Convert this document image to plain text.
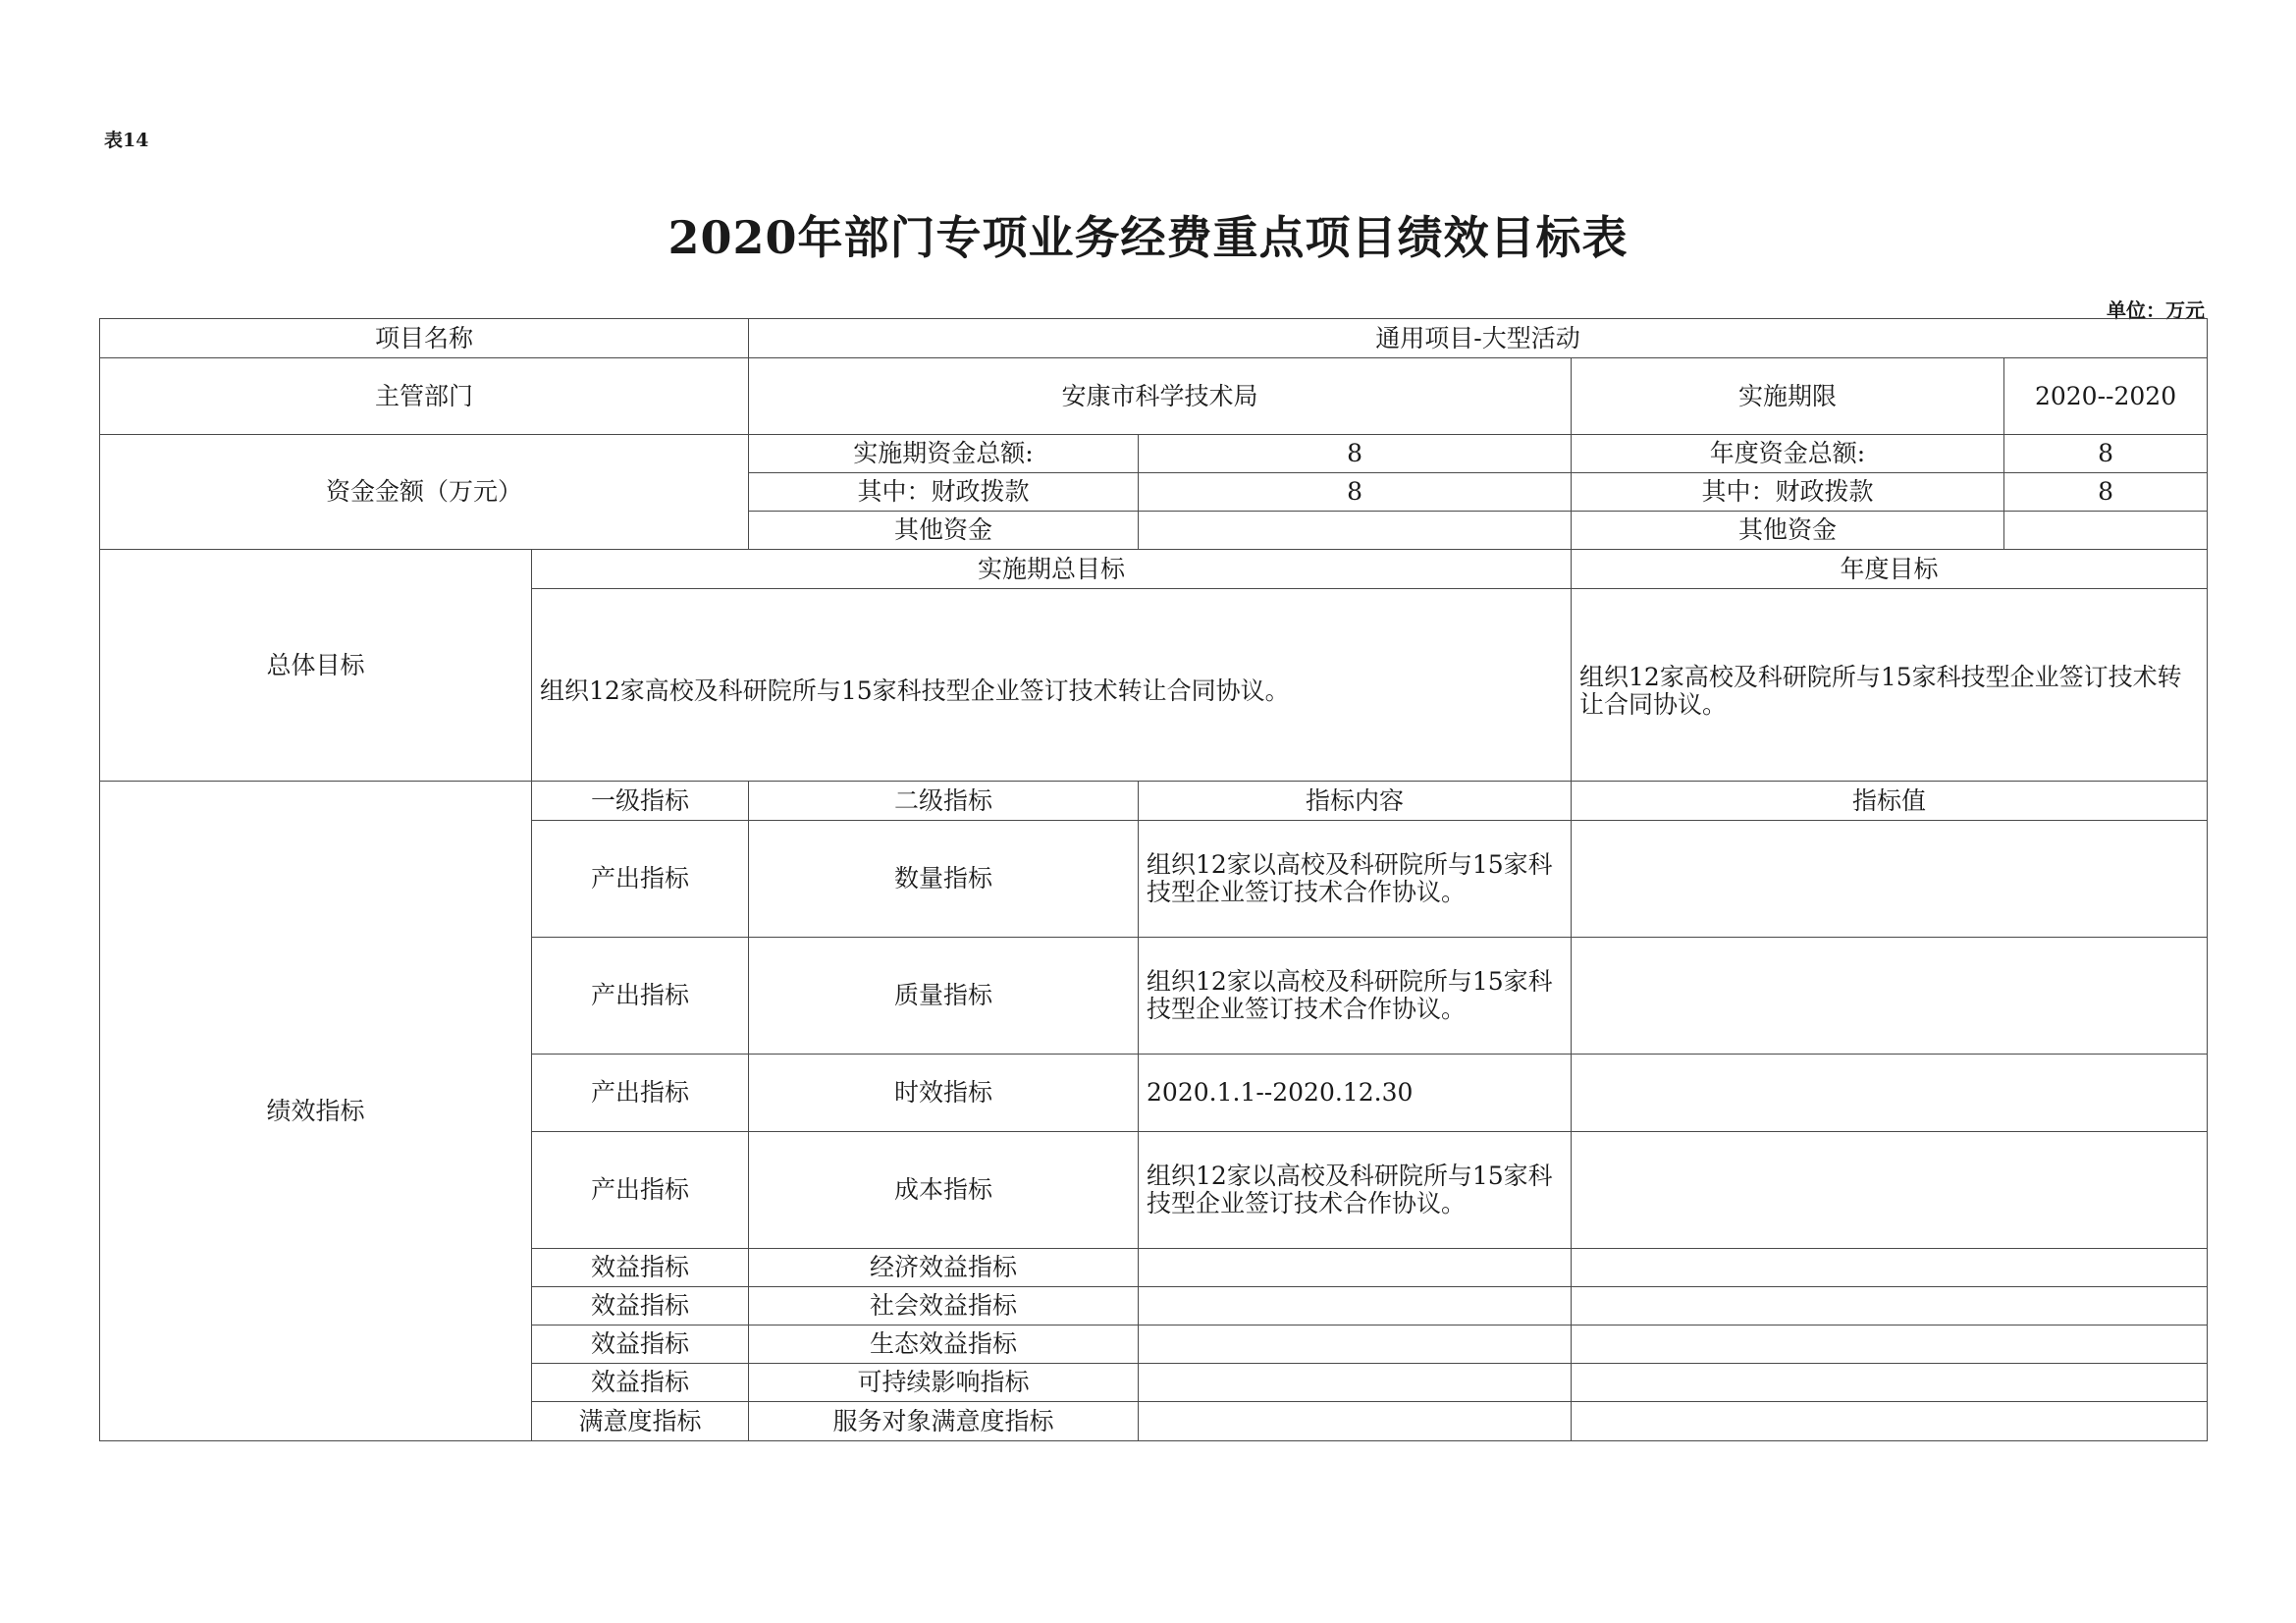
表14
2020年部门专项业务经费重点项目绩效目标表
单位：万元
项目名称		通用项目-大型活动			
主管部门		安康市科学技术局		实施期限	2020--2020
资金金额（万元）		实施期资金总额:	8	年度资金总额:	8
		其中：财政拨款	8	其中：财政拨款	8
		其他资金		其他资金	
总体目标	实施期总目标			年度目标	
	组织12家高校及科研院所与15家科技型企业签订技术转让合同协议。			组织12家高校及科研院所与15家科技型企业签订技术转让合同协议。	
绩效指标	一级指标	二级指标	指标内容	指标值	
	产出指标	数量指标	组织12家以高校及科研院所与15家科技型企业签订技术合作协议。		
	产出指标	质量指标	组织12家以高校及科研院所与15家科技型企业签订技术合作协议。		
	产出指标	时效指标	2020.1.1--2020.12.30		
	产出指标	成本指标	组织12家以高校及科研院所与15家科技型企业签订技术合作协议。		
	效益指标	经济效益指标			
	效益指标	社会效益指标			
	效益指标	生态效益指标			
	效益指标	可持续影响指标			
	满意度指标	服务对象满意度指标			
